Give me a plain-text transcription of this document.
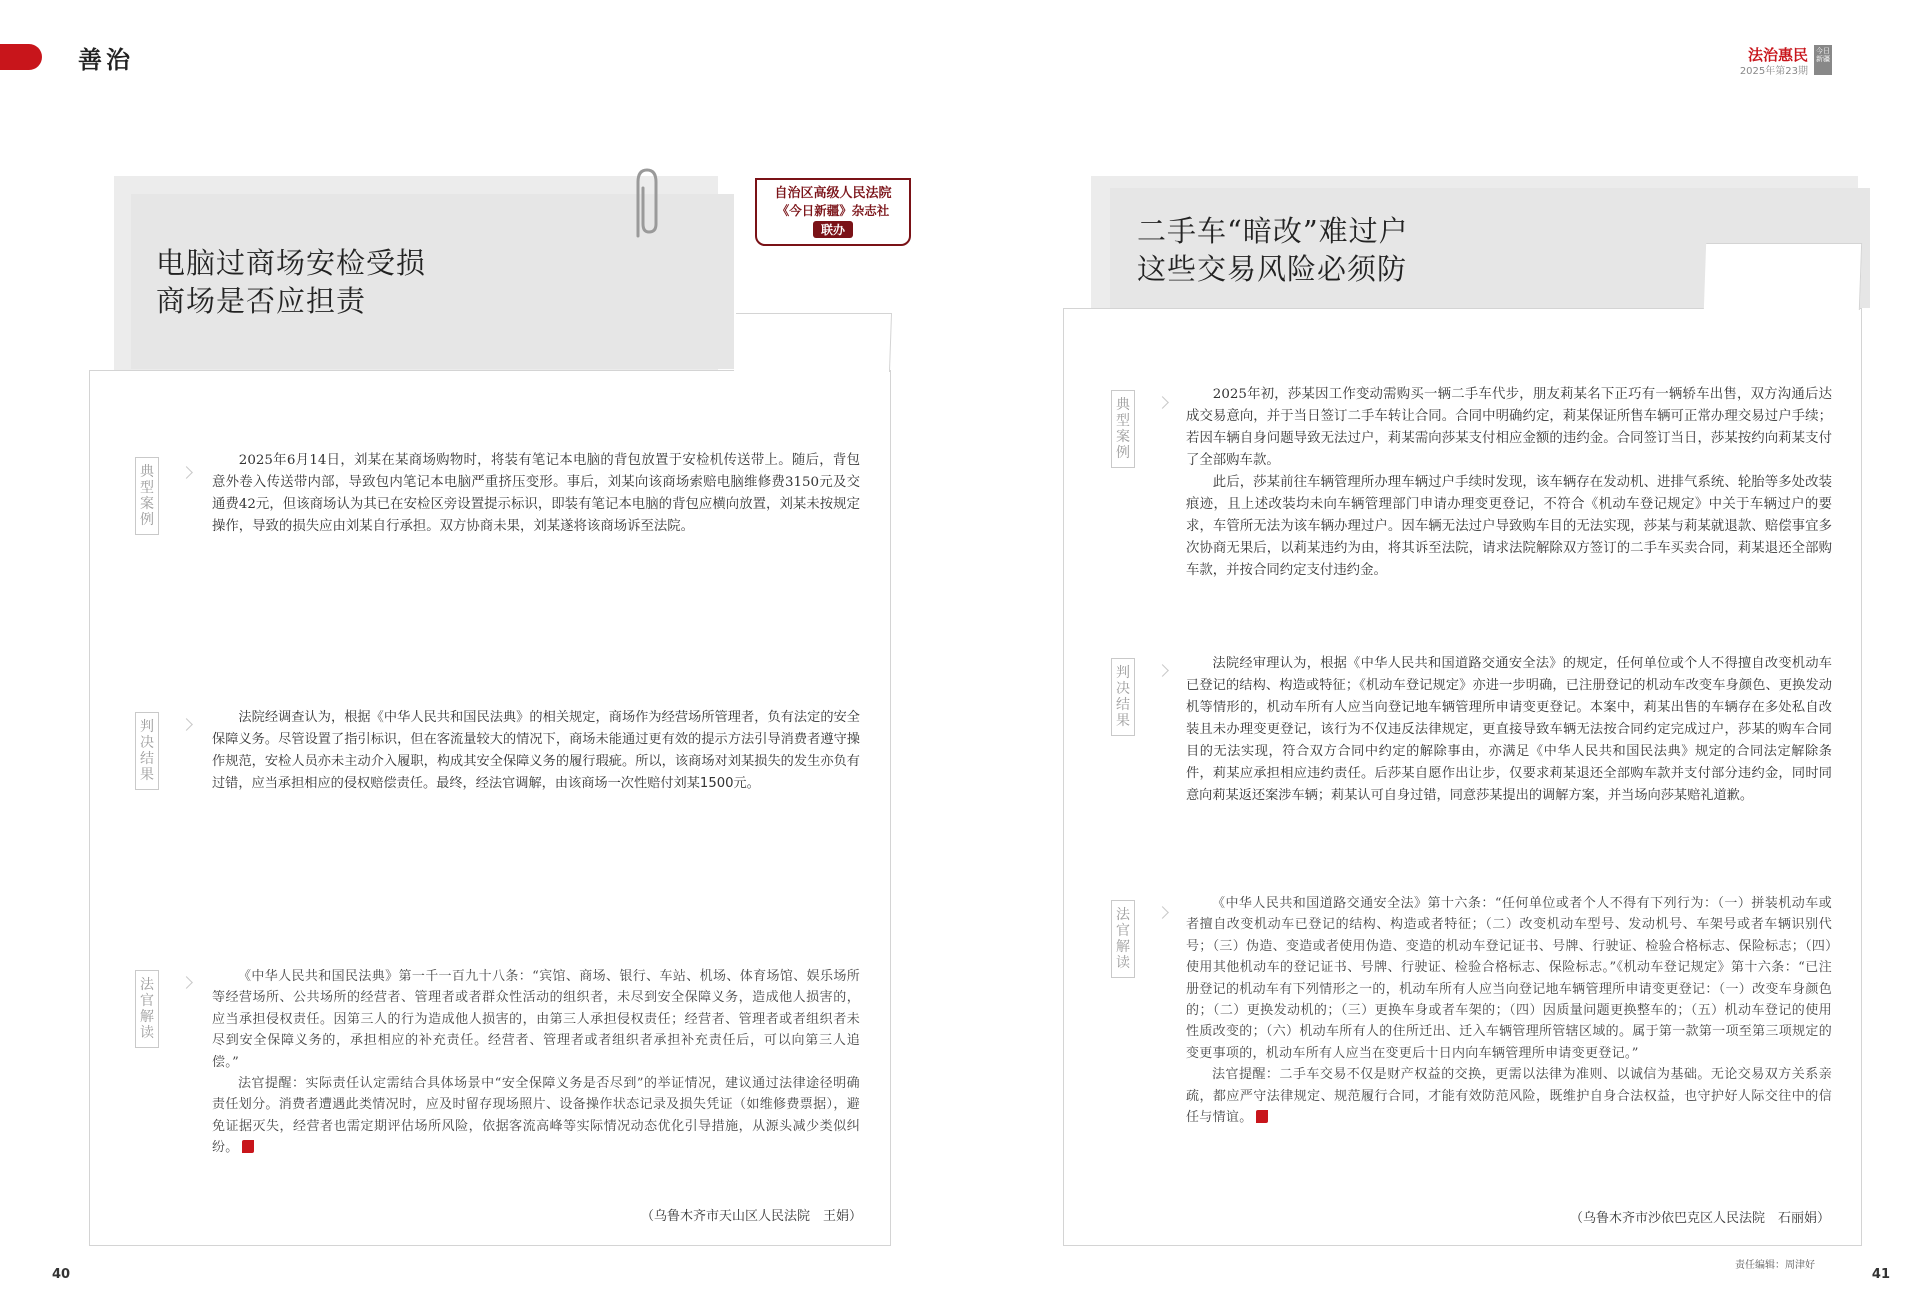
善治	法治惠民
2025年第23期
今日新疆
电脑过商场安检受损
商场是否应担责
自治区高级人民法院
《今日新疆》杂志社
联办
典型案例

2025年6月14日，刘某在某商场购物时，将装有笔记本电脑的背包放置于安检机传送带上。随后，背包意外卷入传送带内部，导致包内笔记本电脑严重挤压变形。事后，刘某向该商场索赔电脑维修费3150元及交通费42元，但该商场认为其已在安检区旁设置提示标识，即装有笔记本电脑的背包应横向放置，刘某未按规定操作，导致的损失应由刘某自行承担。双方协商未果，刘某遂将该商场诉至法院。

判决结果

法院经调查认为，根据《中华人民共和国民法典》的相关规定，商场作为经营场所管理者，负有法定的安全保障义务。尽管设置了指引标识，但在客流量较大的情况下，商场未能通过更有效的提示方法引导消费者遵守操作规范，安检人员亦未主动介入履职，构成其安全保障义务的履行瑕疵。所以，该商场对刘某损失的发生亦负有过错，应当承担相应的侵权赔偿责任。最终，经法官调解，由该商场一次性赔付刘某1500元。

法官解读

《中华人民共和国民法典》第一千一百九十八条：“宾馆、商场、银行、车站、机场、体育场馆、娱乐场所等经营场所、公共场所的经营者、管理者或者群众性活动的组织者，未尽到安全保障义务，造成他人损害的，应当承担侵权责任。因第三人的行为造成他人损害的，由第三人承担侵权责任；经营者、管理者或者组织者未尽到安全保障义务的，承担相应的补充责任。经营者、管理者或者组织者承担补充责任后，可以向第三人追偿。”

法官提醒：实际责任认定需结合具体场景中“安全保障义务是否尽到”的举证情况，建议通过法律途径明确责任划分。消费者遭遇此类情况时，应及时留存现场照片、设备操作状态记录及损失凭证（如维修费票据），避免证据灭失，经营者也需定期评估场所风险，依据客流高峰等实际情况动态优化引导措施，从源头减少类似纠纷。

（乌鲁木齐市天山区人民法院　王娟）
二手车“暗改”难过户
这些交易风险必须防
典型案例

2025年初，莎某因工作变动需购买一辆二手车代步，朋友莉某名下正巧有一辆轿车出售，双方沟通后达成交易意向，并于当日签订二手车转让合同。合同中明确约定，莉某保证所售车辆可正常办理交易过户手续；若因车辆自身问题导致无法过户，莉某需向莎某支付相应金额的违约金。合同签订当日，莎某按约向莉某支付了全部购车款。

此后，莎某前往车辆管理所办理车辆过户手续时发现，该车辆存在发动机、进排气系统、轮胎等多处改装痕迹，且上述改装均未向车辆管理部门申请办理变更登记，不符合《机动车登记规定》中关于车辆过户的要求，车管所无法为该车辆办理过户。因车辆无法过户导致购车目的无法实现，莎某与莉某就退款、赔偿事宜多次协商无果后，以莉某违约为由，将其诉至法院，请求法院解除双方签订的二手车买卖合同，莉某退还全部购车款，并按合同约定支付违约金。

判决结果

法院经审理认为，根据《中华人民共和国道路交通安全法》的规定，任何单位或个人不得擅自改变机动车已登记的结构、构造或特征；《机动车登记规定》亦进一步明确，已注册登记的机动车改变车身颜色、更换发动机等情形的，机动车所有人应当向登记地车辆管理所申请变更登记。本案中，莉某出售的车辆存在多处私自改装且未办理变更登记，该行为不仅违反法律规定，更直接导致车辆无法按合同约定完成过户，莎某的购车合同目的无法实现，符合双方合同中约定的解除事由，亦满足《中华人民共和国民法典》规定的合同法定解除条件，莉某应承担相应违约责任。后莎某自愿作出让步，仅要求莉某退还全部购车款并支付部分违约金，同时同意向莉某返还案涉车辆；莉某认可自身过错，同意莎某提出的调解方案，并当场向莎某赔礼道歉。

法官解读

《中华人民共和国道路交通安全法》第十六条：“任何单位或者个人不得有下列行为：（一）拼装机动车或者擅自改变机动车已登记的结构、构造或者特征；（二）改变机动车型号、发动机号、车架号或者车辆识别代号；（三）伪造、变造或者使用伪造、变造的机动车登记证书、号牌、行驶证、检验合格标志、保险标志；（四）使用其他机动车的登记证书、号牌、行驶证、检验合格标志、保险标志。”《机动车登记规定》第十六条：“已注册登记的机动车有下列情形之一的，机动车所有人应当向登记地车辆管理所申请变更登记：（一）改变车身颜色的；（二）更换发动机的；（三）更换车身或者车架的；（四）因质量问题更换整车的；（五）机动车登记的使用性质改变的；（六）机动车所有人的住所迁出、迁入车辆管理所管辖区域的。属于第一款第一项至第三项规定的变更事项的，机动车所有人应当在变更后十日内向车辆管理所申请变更登记。”

法官提醒：二手车交易不仅是财产权益的交换，更需以法律为准则、以诚信为基础。无论交易双方关系亲疏，都应严守法律规定、规范履行合同，才能有效防范风险，既维护自身合法权益，也守护好人际交往中的信任与情谊。

（乌鲁木齐市沙依巴克区人民法院　石丽娟）
40
责任编辑：周津好
41
